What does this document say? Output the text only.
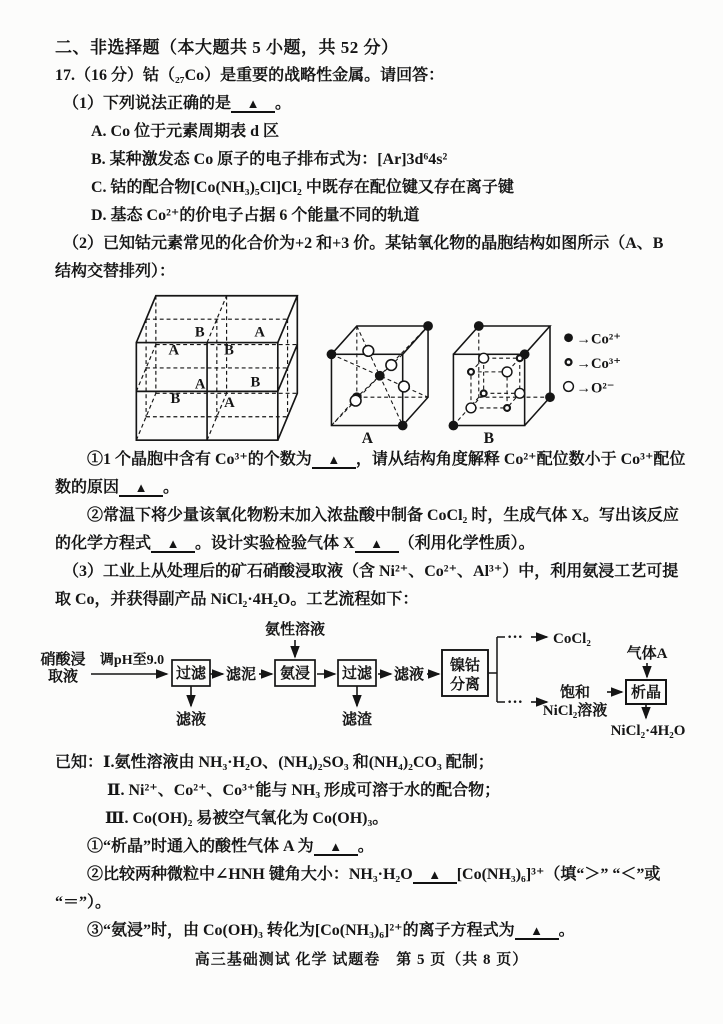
二、非选择题（本大题共 5 小题，共 52 分）

17.（16 分）钴（₂₇Co）是重要的战略性金属。请回答：

（1）下列说法正确的是 ▲ 。

A. Co 位于元素周期表 d 区

B. 某种激发态 Co 原子的电子排布式为：[Ar]3d⁶4s²

C. 钴的配合物[Co(NH₃)₅Cl]Cl₂ 中既存在配位键又存在离子键

D. 基态 Co²⁺的价电子占据 6 个能量不同的轨道

（2）已知钴元素常见的化合价为+2 和+3 价。某钴氧化物的晶胞结构如图所示（A、B

结构交替排列）：

A
B	A
B
A	B
B	A
A	B
→Co²⁺
→Co³⁺
→O²⁻

①1 个晶胞中含有 Co³⁺的个数为 ▲ ，请从结构角度解释 Co²⁺配位数小于 Co³⁺配位

数的原因 ▲ 。

②常温下将少量该氧化物粉末加入浓盐酸中制备 CoCl₂ 时，生成气体 X。写出该反应

的化学方程式 ▲ 。设计实验检验气体 X ▲ （利用化学性质）。

（3）工业上从处理后的矿石硝酸浸取液（含 Ni²⁺、Co²⁺、Al³⁺）中，利用氨浸工艺可提

取 Co，并获得副产品 NiCl₂·4H₂O。工艺流程如下：

硝酸浸
取液
调pH至9.0
过滤
滤液
滤泥
氨性溶液
氨浸 过滤
滤渣
滤液
镍钴
分离
··· CoCl₂
···
饱和
NiCl₂溶液
气体A
析晶
NiCl₂·4H₂O

已知：Ⅰ.氨性溶液由 NH₃·H₂O、(NH₄)₂SO₃ 和(NH₄)₂CO₃ 配制；

Ⅱ. Ni²⁺、Co²⁺、Co³⁺能与 NH₃ 形成可溶于水的配合物；

Ⅲ. Co(OH)₂ 易被空气氧化为 Co(OH)₃。

①“析晶”时通入的酸性气体 A 为 ▲ 。

②比较两种微粒中∠HNH 键角大小：NH₃·H₂O ▲ [Co(NH₃)₆]³⁺（填“＞” “＜”或

“＝”）。

③“氨浸”时，由 Co(OH)₃ 转化为[Co(NH₃)₆]²⁺的离子方程式为 ▲ 。

高三基础测试 化学 试题卷　第 5 页（共 8 页）
